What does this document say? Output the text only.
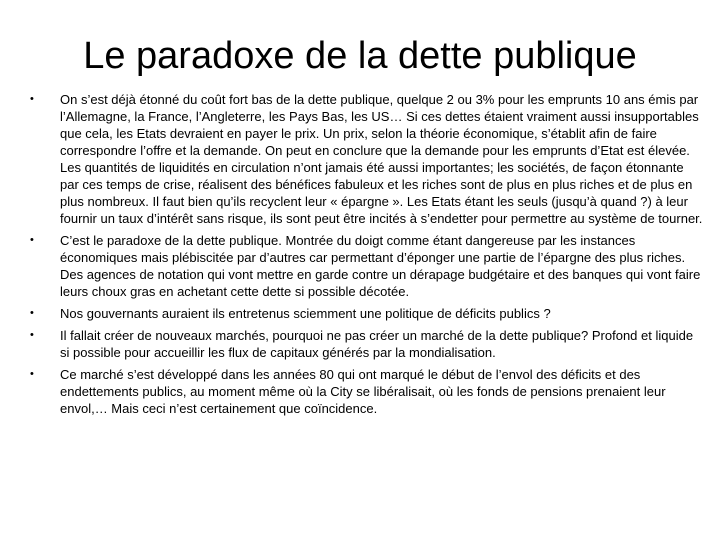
Le paradoxe de la dette publique
• On s’est déjà étonné du coût fort bas de la dette publique, quelque 2 ou 3% pour les emprunts 10 ans émis par l’Allemagne, la France, l’Angleterre, les Pays Bas, les US… Si ces dettes étaient vraiment aussi insupportables que cela, les Etats devraient en payer le prix. Un prix, selon la théorie économique, s’établit afin de faire correspondre l’offre et la demande. On peut en conclure que la demande pour les emprunts d’Etat est élevée. Les quantités de liquidités en circulation n’ont jamais été aussi importantes; les sociétés, de façon étonnante par ces temps de crise, réalisent des bénéfices fabuleux et les riches sont de plus en plus riches et de plus en plus nombreux. Il faut bien qu’ils recyclent leur « épargne ». Les Etats étant les seuls (jusqu’à quand ?) à leur fournir un taux d’intérêt sans risque, ils sont peut être incités à s’endetter pour permettre au système de tourner.
• C’est le paradoxe de la dette publique. Montrée du doigt comme étant dangereuse par les instances économiques mais plébiscitée par d’autres car permettant d’éponger une partie de l’épargne des plus riches. Des agences de notation qui vont mettre en garde contre un dérapage budgétaire et des banques qui vont faire leurs choux gras en achetant cette dette si possible décotée.
• Nos gouvernants auraient ils entretenus sciemment une politique de déficits publics ?
• Il fallait créer de nouveaux marchés, pourquoi ne pas créer un marché de la dette publique? Profond et liquide si possible pour accueillir les flux de capitaux générés par la mondialisation.
• Ce marché s’est développé dans les années 80 qui ont marqué le début de l’envol des déficits et des endettements publics, au moment même où la City se libéralisait, où les fonds de pensions prenaient leur envol,… Mais ceci n’est certainement que coïncidence.
